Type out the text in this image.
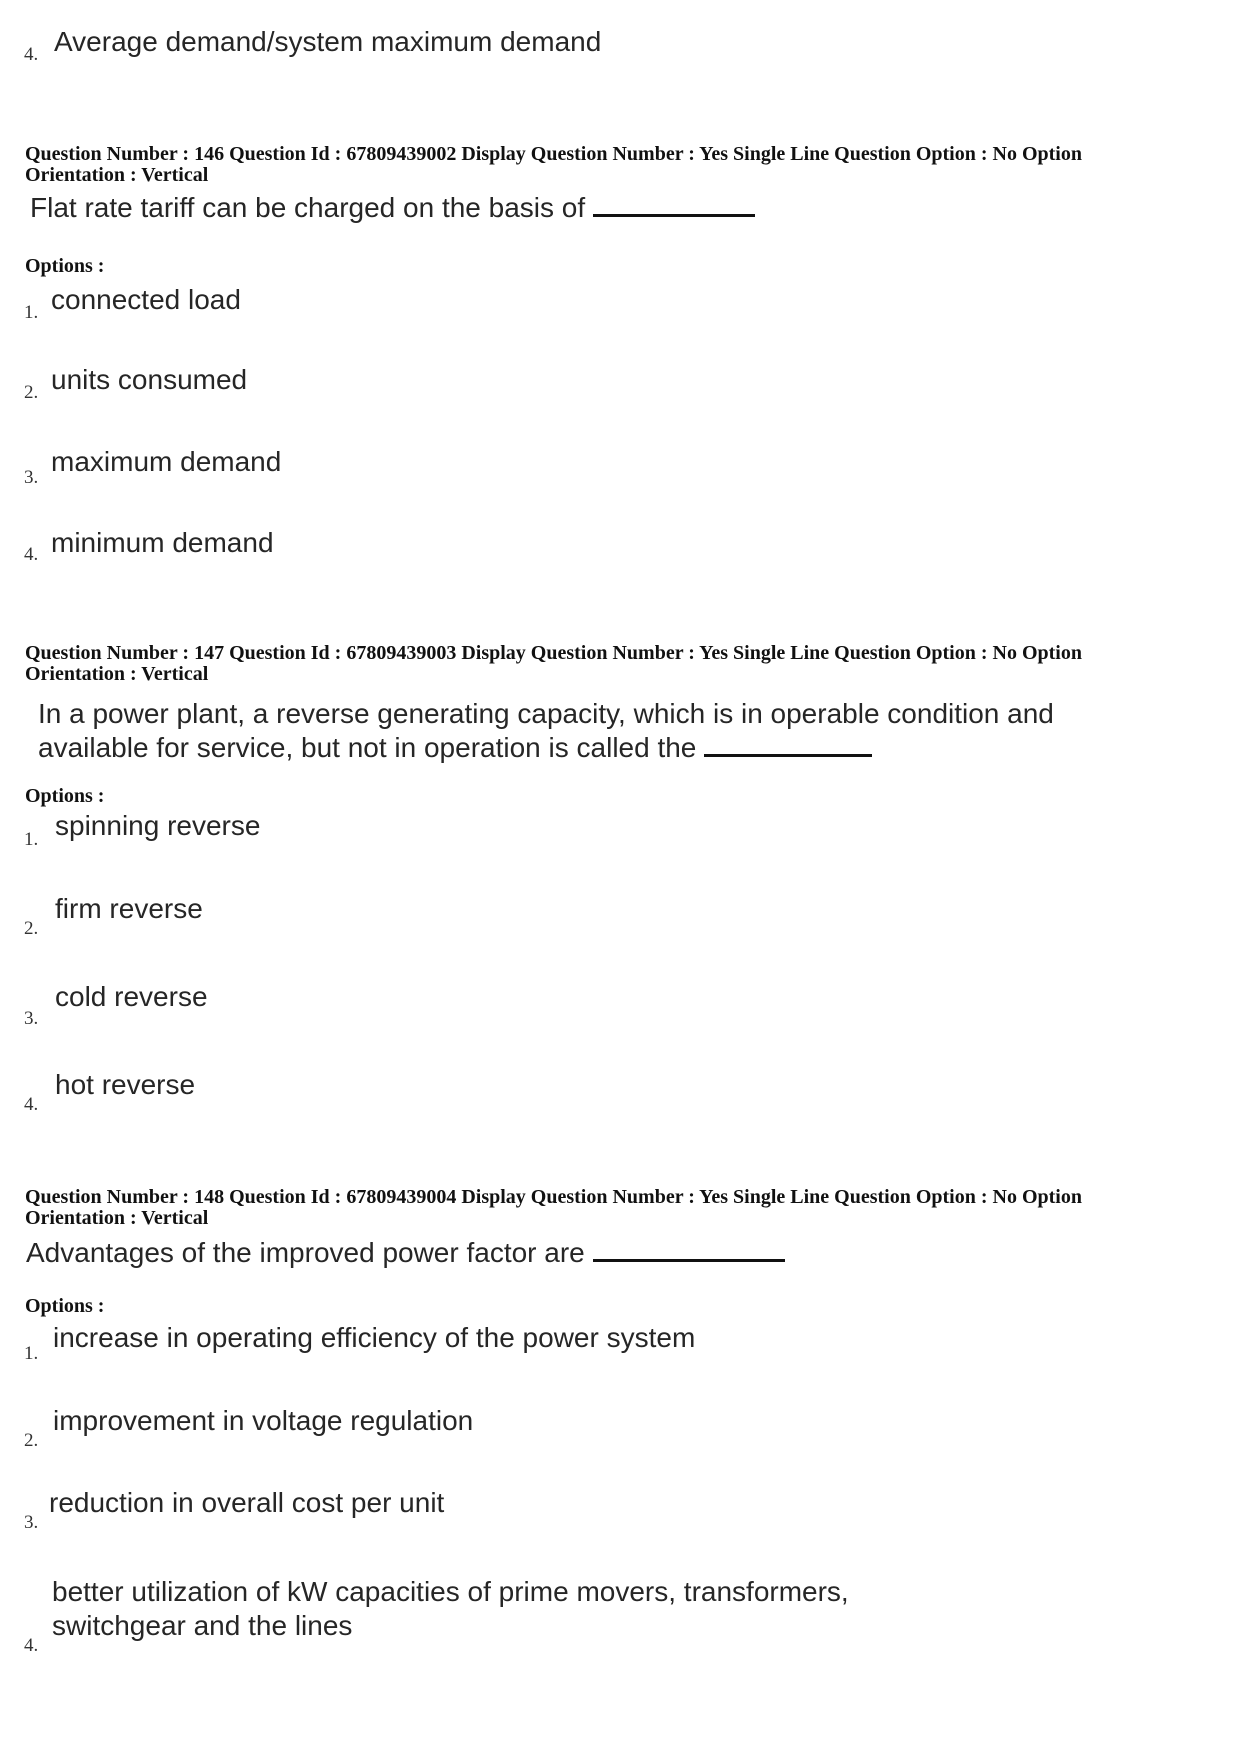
4. Average demand/system maximum demand

Question Number : 146 Question Id : 67809439002 Display Question Number : Yes Single Line Question Option : No Option
Orientation : Vertical

Flat rate tariff can be charged on the basis of

Options :

1. connected load

2. units consumed

3.

maximum demand

4. minimum demand

Question Number : 147 Question Id : 67809439003 Display Question Number : Yes Single Line Question Option : No Option
Orientation : Vertical

In a power plant, a reverse generating capacity, which is in operable condition and
available for service, but not in operation is called the

Options :

1. spinning reverse

2.

firm reverse

3.

cold reverse

4.

hot reverse

Question Number : 148 Question Id : 67809439004 Display Question Number : Yes Single Line Question Option : No Option
Orientation : Vertical

Advantages of the improved power factor are

Options :

1.

increase in operating efficiency of the power system

2.

improvement in voltage regulation

3.

reduction in overall cost per unit

4.

better utilization of kW capacities of prime movers, transformers,
switchgear and the lines
